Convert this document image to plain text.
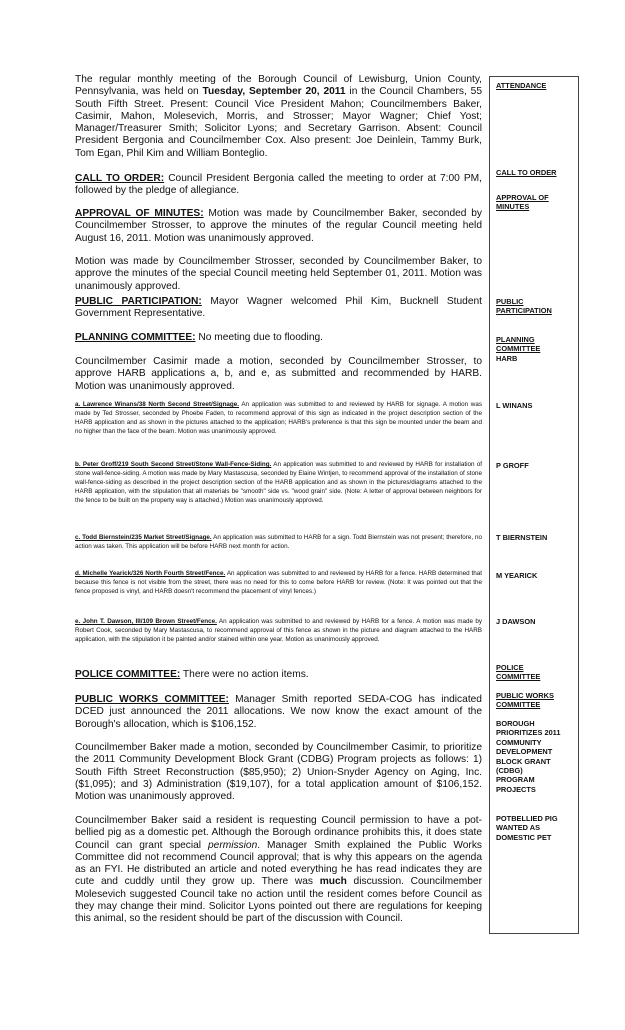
The regular monthly meeting of the Borough Council of Lewisburg, Union County, Pennsylvania, was held on Tuesday, September 20, 2011 in the Council Chambers, 55 South Fifth Street. Present: Council Vice President Mahon; Councilmembers Baker, Casimir, Mahon, Molesevich, Morris, and Strosser; Mayor Wagner; Chief Yost; Manager/Treasurer Smith; Solicitor Lyons; and Secretary Garrison. Absent: Council President Bergonia and Councilmember Cox. Also present: Joe Deinlein, Tammy Burk, Tom Egan, Phil Kim and William Bonteglio.

CALL TO ORDER: Council President Bergonia called the meeting to order at 7:00 PM, followed by the pledge of allegiance.

APPROVAL OF MINUTES: Motion was made by Councilmember Baker, seconded by Councilmember Strosser, to approve the minutes of the regular Council meeting held August 16, 2011. Motion was unanimously approved.

Motion was made by Councilmember Strosser, seconded by Councilmember Baker, to approve the minutes of the special Council meeting held September 01, 2011. Motion was unanimously approved.

PUBLIC PARTICIPATION: Mayor Wagner welcomed Phil Kim, Bucknell Student Government Representative.

PLANNING COMMITTEE: No meeting due to flooding.

Councilmember Casimir made a motion, seconded by Councilmember Strosser, to approve HARB applications a, b, and e, as submitted and recommended by HARB. Motion was unanimously approved.

a. Lawrence Winans/38 North Second Street/Signage. An application was submitted to and reviewed by HARB for signage. A motion was made by Ted Strosser, seconded by Phoebe Faden, to recommend approval of this sign as indicated in the project description section of the HARB application and as shown in the pictures attached to the application; HARB's preference is that this sign be mounted under the beam and no higher than the face of the beam. Motion was unanimously approved.

b. Peter Groff/219 South Second Street/Stone Wall-Fence-Siding. An application was submitted to and reviewed by HARB for installation of stone wall-fence-siding. A motion was made by Mary Mastascusa, seconded by Elaine Wintjen, to recommend approval of the installation of stone wall-fence-siding as described in the project description section of the HARB application and as shown in the pictures/diagrams attached to the HARB application, with the stipulation that all materials be "smooth" side vs. "wood grain" side. (Note: A letter of approval between neighbors for the fence to be built on the property way is attached.) Motion was unanimously approved.

c. Todd Biernstein/235 Market Street/Signage. An application was submitted to HARB for a sign. Todd Biernstein was not present; therefore, no action was taken. This application will be before HARB next month for action.

d. Michelle Yearick/326 North Fourth Street/Fence. An application was submitted to and reviewed by HARB for a fence. HARB determined that because this fence is not visible from the street, there was no need for this to come before HARB for review. (Note: It was pointed out that the fence proposed is vinyl, and HARB doesn't recommend the placement of vinyl fences.)

e. John T. Dawson, III/109 Brown Street/Fence. An application was submitted to and reviewed by HARB for a fence. A motion was made by Robert Cook, seconded by Mary Mastascusa, to recommend approval of this fence as shown in the picture and diagram attached to the HARB application, with the stipulation it be painted and/or stained within one year. Motion as unanimously approved.

POLICE COMMITTEE: There were no action items.

PUBLIC WORKS COMMITTEE: Manager Smith reported SEDA-COG has indicated DCED just announced the 2011 allocations. We now know the exact amount of the Borough's allocation, which is $106,152.

Councilmember Baker made a motion, seconded by Councilmember Casimir, to prioritize the 2011 Community Development Block Grant (CDBG) Program projects as follows: 1) South Fifth Street Reconstruction ($85,950); 2) Union-Snyder Agency on Aging, Inc. ($1,095); and 3) Administration ($19,107), for a total application amount of $106,152. Motion was unanimously approved.

Councilmember Baker said a resident is requesting Council permission to have a pot-bellied pig as a domestic pet. Although the Borough ordinance prohibits this, it does state Council can grant special permission. Manager Smith explained the Public Works Committee did not recommend Council approval; that is why this appears on the agenda as an FYI. He distributed an article and noted everything he has read indicates they are cute and cuddly until they grow up. There was much discussion. Councilmember Molesevich suggested Council take no action until the resident comes before Council as they may change their mind. Solicitor Lyons pointed out there are regulations for keeping this animal, so the resident should be part of the discussion with Council.

ATTENDANCE

CALL TO ORDER

APPROVAL OF
MINUTES
PUBLIC
PARTICIPATION
PLANNING
COMMITTEE
HARB

L WINANS

P GROFF

T BIERNSTEIN

M YEARICK

J DAWSON

POLICE
COMMITTEE
PUBLIC WORKS
COMMITTEE
BOROUGH
PRIORITIZES 2011
COMMUNITY
DEVELOPMENT
BLOCK GRANT
(CDBG)
PROGRAM
PROJECTS
POTBELLIED PIG
WANTED AS
DOMESTIC PET
